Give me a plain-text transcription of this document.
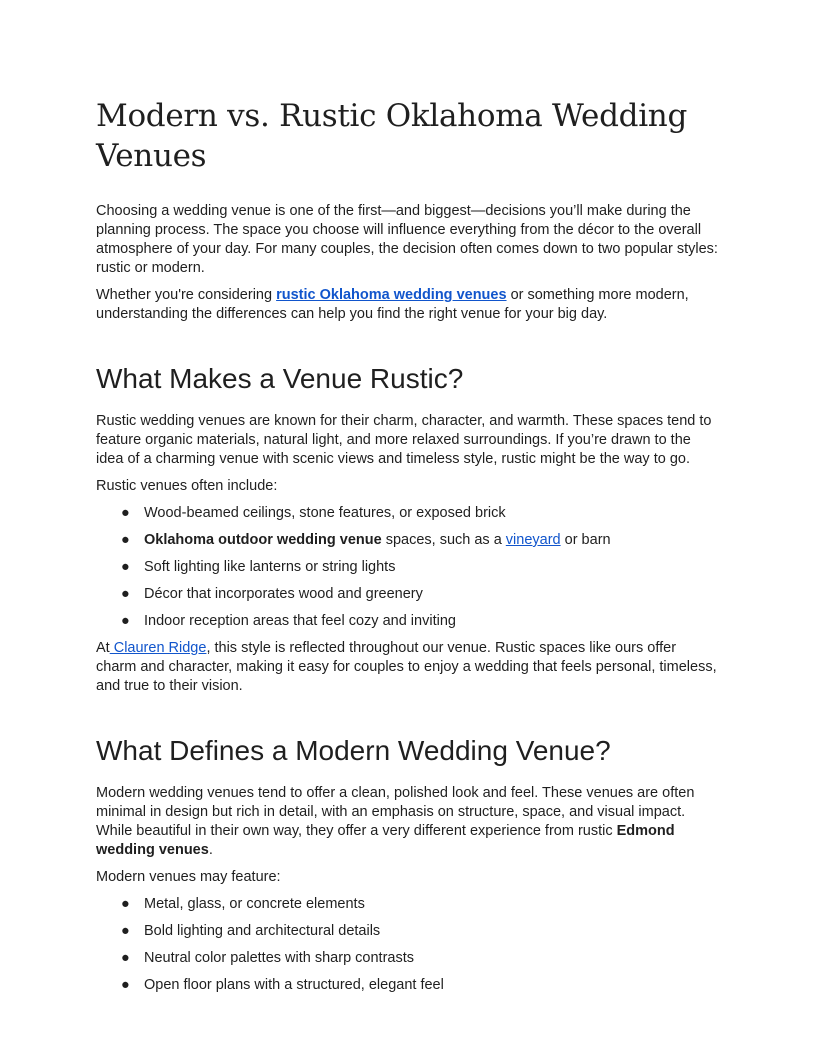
Modern vs. Rustic Oklahoma Wedding Venues

Choosing a wedding venue is one of the first—and biggest—decisions you’ll make during the planning process. The space you choose will influence everything from the décor to the overall atmosphere of your day. For many couples, the decision often comes down to two popular styles: rustic or modern.

Whether you're considering rustic Oklahoma wedding venues or something more modern, understanding the differences can help you find the right venue for your big day.

What Makes a Venue Rustic?

Rustic wedding venues are known for their charm, character, and warmth. These spaces tend to feature organic materials, natural light, and more relaxed surroundings. If you’re drawn to the idea of a charming venue with scenic views and timeless style, rustic might be the way to go.

Rustic venues often include:

● Wood-beamed ceilings, stone features, or exposed brick
● Oklahoma outdoor wedding venue spaces, such as a vineyard or barn
● Soft lighting like lanterns or string lights
● Décor that incorporates wood and greenery
● Indoor reception areas that feel cozy and inviting

At Clauren Ridge, this style is reflected throughout our venue. Rustic spaces like ours offer charm and character, making it easy for couples to enjoy a wedding that feels personal, timeless, and true to their vision.

What Defines a Modern Wedding Venue?

Modern wedding venues tend to offer a clean, polished look and feel. These venues are often minimal in design but rich in detail, with an emphasis on structure, space, and visual impact. While beautiful in their own way, they offer a very different experience from rustic Edmond wedding venues.

Modern venues may feature:

● Metal, glass, or concrete elements
● Bold lighting and architectural details
● Neutral color palettes with sharp contrasts
● Open floor plans with a structured, elegant feel
